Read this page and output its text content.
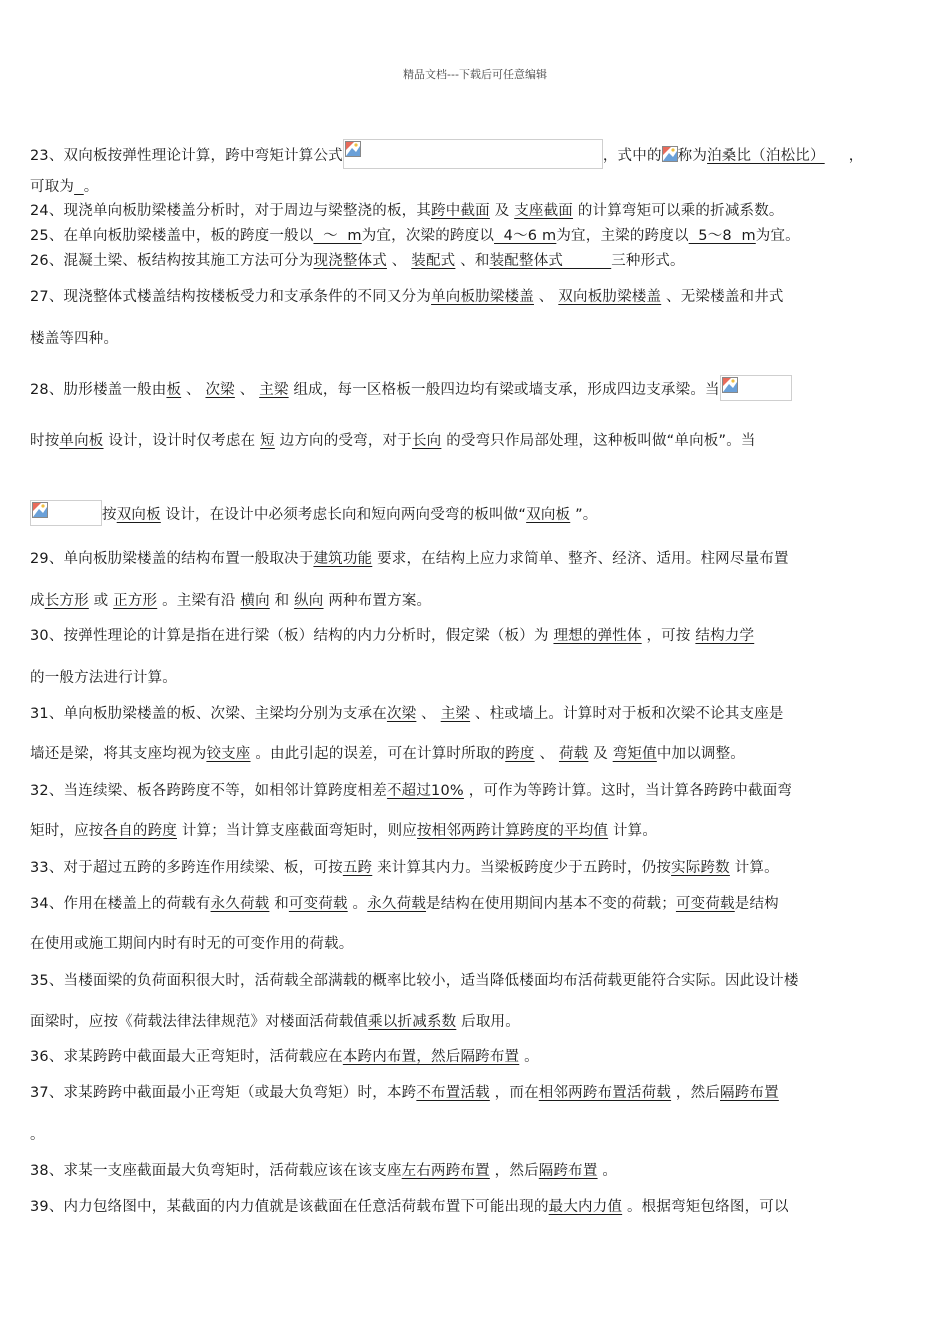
精品文档---下载后可任意编辑
23、双向板按弹性理论计算，跨中弯矩计算公式	，式中的 称为泊桑比（泊松比） ，
可取为 。
24、现浇单向板肋梁楼盖分析时，对于周边与梁整浇的板，其跨中截面 及 支座截面 的计算弯矩可以乘的折减系数。
25、在单向板肋梁楼盖中，板的跨度一般以  ～  m为宜，次梁的跨度以  4～6 m为宜，主梁的跨度以  5～8  m为宜。
26、混凝土梁、板结构按其施工方法可分为现浇整体式 、 装配式 、和装配整体式          三种形式。
27、现浇整体式楼盖结构按楼板受力和支承条件的不同又分为单向板肋梁楼盖 、 双向板肋梁楼盖 、无梁楼盖和井式
楼盖等四种。
28、肋形楼盖一般由板 、 次梁 、 主梁 组成，每一区格板一般四边均有梁或墙支承，形成四边支承梁。当
时按单向板 设计，设计时仅考虑在 短 边方向的受弯，对于长向 的受弯只作局部处理，这种板叫做“单向板”。当
按双向板 设计，在设计中必须考虑长向和短向两向受弯的板叫做“双向板 ”。
29、单向板肋梁楼盖的结构布置一般取决于建筑功能 要求，在结构上应力求简单、整齐、经济、适用。柱网尽量布置
成长方形 或 正方形 。主梁有沿 横向 和 纵向 两种布置方案。
30、按弹性理论的计算是指在进行梁（板）结构的内力分析时，假定梁（板）为 理想的弹性体 ，可按 结构力学
的一般方法进行计算。
31、单向板肋梁楼盖的板、次梁、主梁均分别为支承在次梁 、 主梁 、柱或墙上。计算时对于板和次梁不论其支座是
墙还是梁，将其支座均视为铰支座 。由此引起的误差，可在计算时所取的跨度 、 荷载 及 弯矩值中加以调整。
32、当连续梁、板各跨跨度不等，如相邻计算跨度相差不超过10% ，可作为等跨计算。这时，当计算各跨跨中截面弯
矩时，应按各自的跨度 计算；当计算支座截面弯矩时，则应按相邻两跨计算跨度的平均值 计算。
33、对于超过五跨的多跨连作用续梁、板，可按五跨 来计算其内力。当梁板跨度少于五跨时，仍按实际跨数 计算。
34、作用在楼盖上的荷载有永久荷载 和可变荷载 。永久荷载是结构在使用期间内基本不变的荷载；可变荷载是结构
在使用或施工期间内时有时无的可变作用的荷载。
35、当楼面梁的负荷面积很大时，活荷载全部满载的概率比较小，适当降低楼面均布活荷载更能符合实际。因此设计楼
面梁时，应按《荷载法律法律规范》对楼面活荷载值乘以折减系数 后取用。
36、求某跨跨中截面最大正弯矩时，活荷载应在本跨内布置，然后隔跨布置 。
37、求某跨跨中截面最小正弯矩（或最大负弯矩）时，本跨不布置活载 ，而在相邻两跨布置活荷载 ，然后隔跨布置
。
38、求某一支座截面最大负弯矩时，活荷载应该在该支座左右两跨布置 ，然后隔跨布置 。
39、内力包络图中，某截面的内力值就是该截面在任意活荷载布置下可能出现的最大内力值 。根据弯矩包络图，可以
